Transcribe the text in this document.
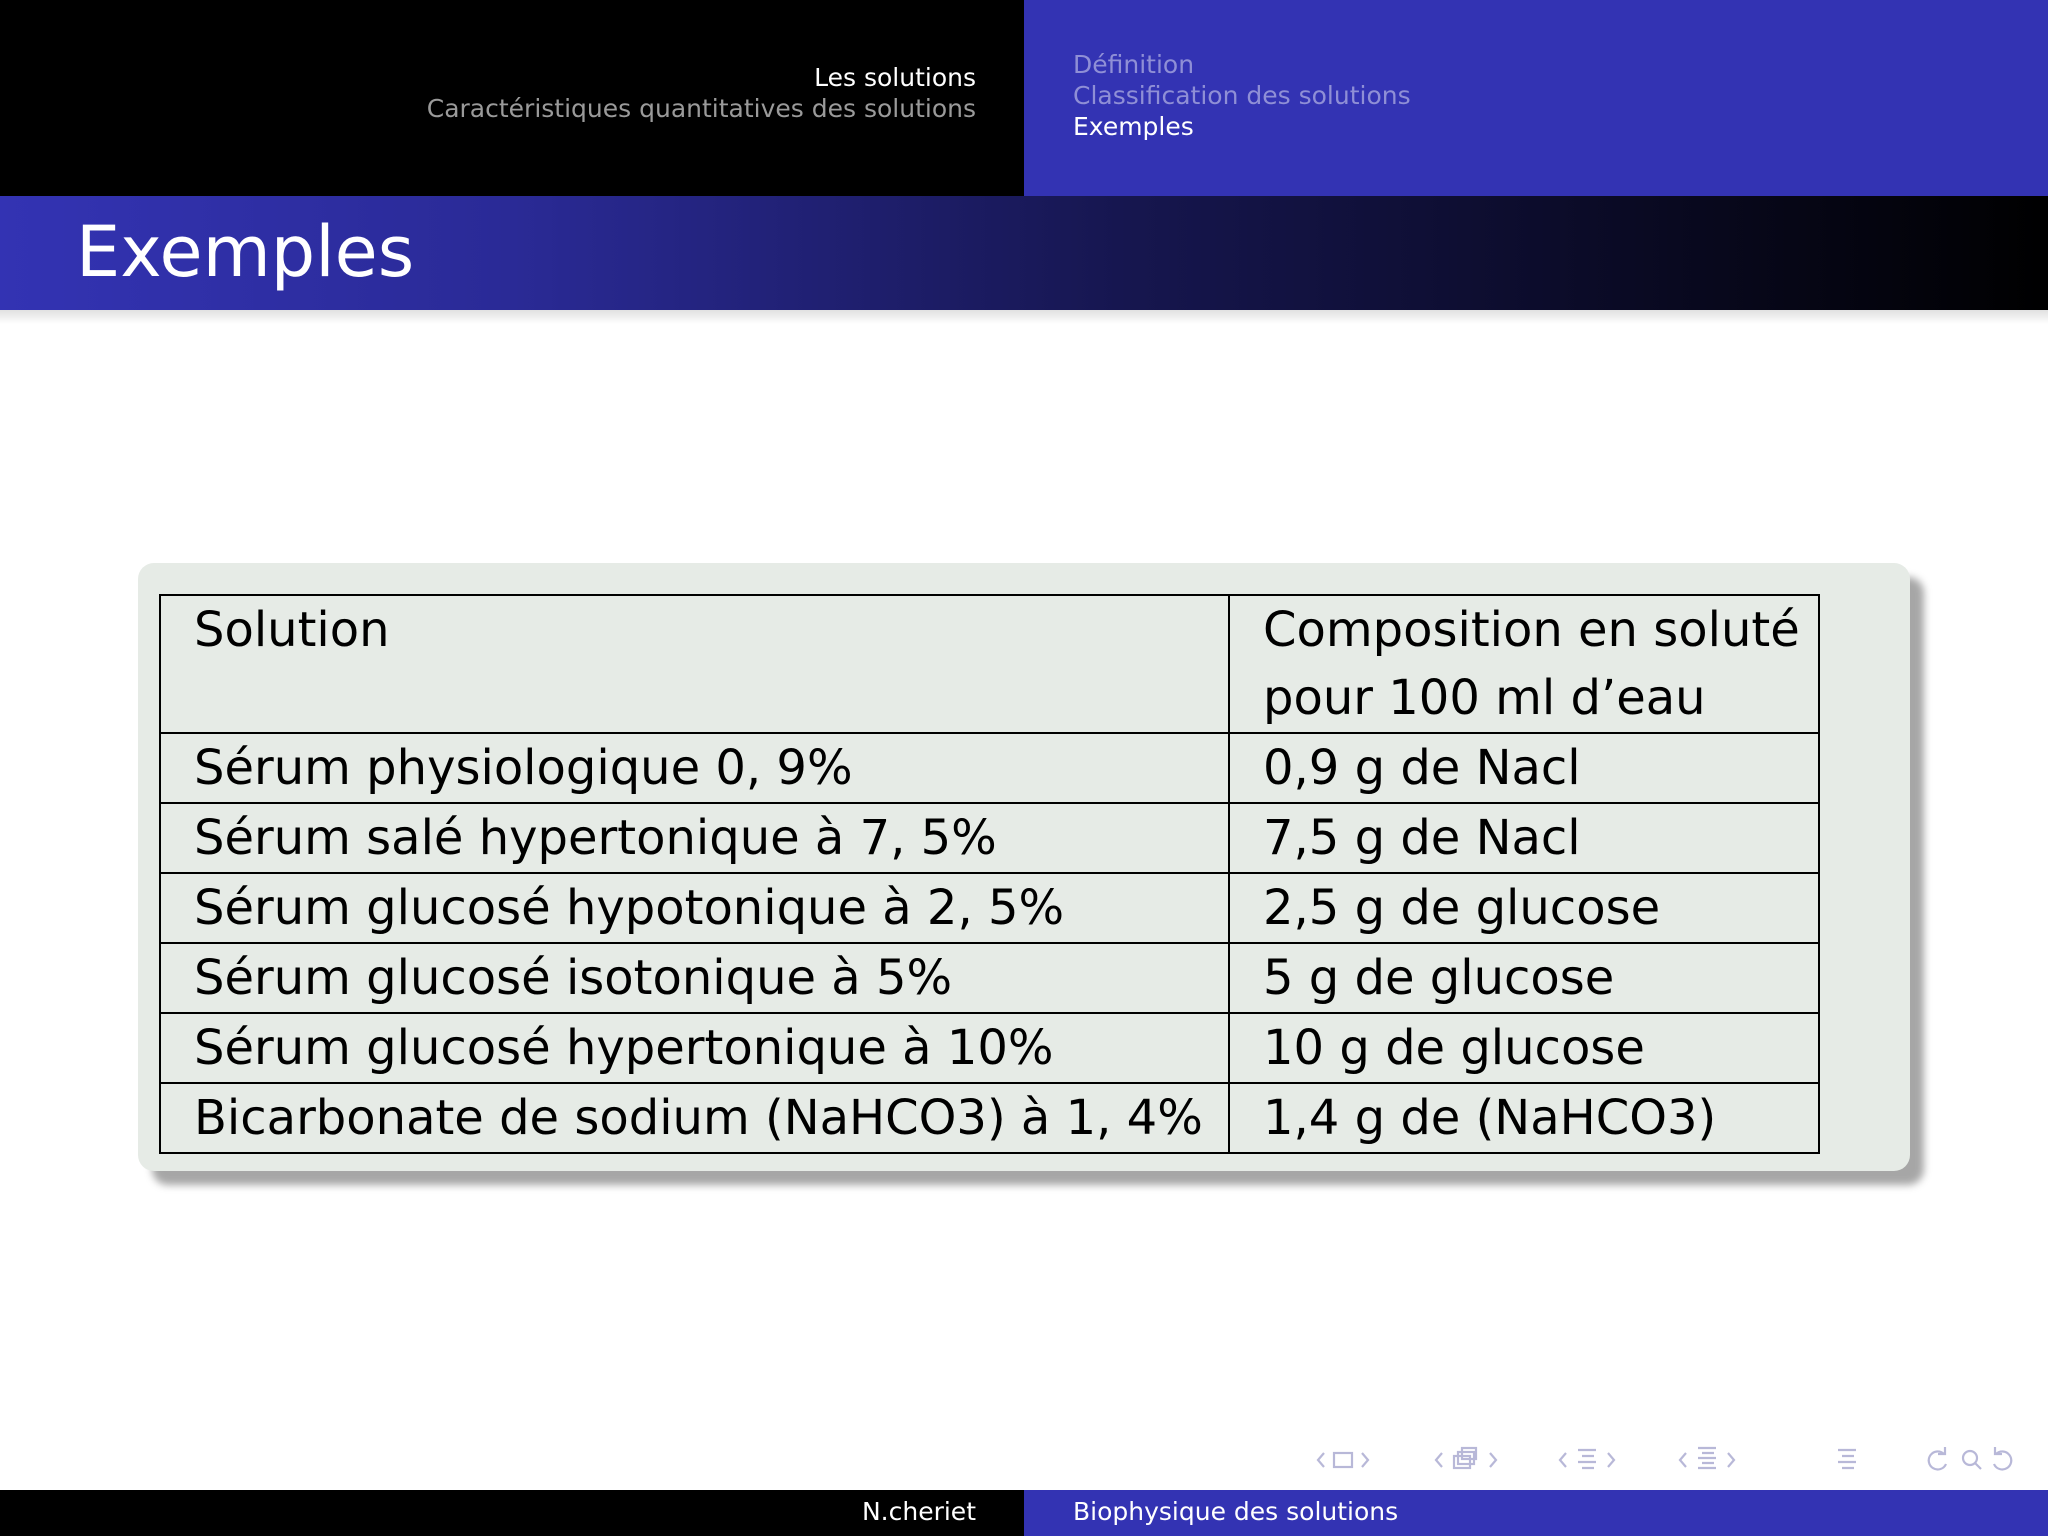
Les solutions
Caractéristiques quantitatives des solutions
Définition
Classification des solutions
Exemples
Exemples
Solution	Composition en soluté pour 100 ml d’eau
Sérum physiologique 0, 9%	0,9 g de Nacl
Sérum salé hypertonique à 7, 5%	7,5 g de Nacl
Sérum glucosé hypotonique à 2, 5%	2,5 g de glucose
Sérum glucosé isotonique à 5%	5 g de glucose
Sérum glucosé hypertonique à 10%	10 g de glucose
Bicarbonate de sodium (NaHCO3) à 1, 4%	1,4 g de (NaHCO3)
N.cheriet	Biophysique des solutions
